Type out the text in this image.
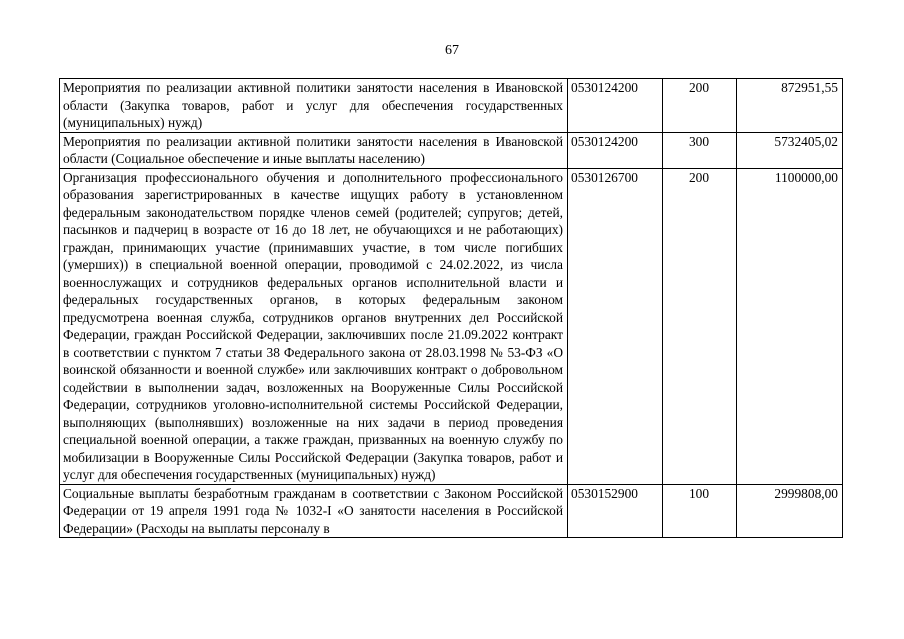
67
Мероприятия по реализации активной политики занятости населения в Ивановской области (Закупка товаров, работ и услуг для обеспечения государственных (муниципальных) нужд)	0530124200	200	872951,55
Мероприятия по реализации активной политики занятости населения в Ивановской области (Социальное обеспечение и иные выплаты населению)	0530124200	300	5732405,02
Организация профессионального обучения и дополнительного профессионального образования зарегистрированных в качестве ищущих работу в установленном федеральным законодательством порядке членов семей (родителей; супругов; детей, пасынков и падчериц в возрасте от 16 до 18 лет, не обучающихся и не работающих) граждан, принимающих участие (принимавших участие, в том числе погибших (умерших)) в специальной военной операции, проводимой с 24.02.2022, из числа военнослужащих и сотрудников федеральных органов исполнительной власти и федеральных государственных органов, в которых федеральным законом предусмотрена военная служба, сотрудников органов внутренних дел Российской Федерации, граждан Российской Федерации, заключивших после 21.09.2022 контракт в соответствии с пунктом 7 статьи 38 Федерального закона от 28.03.1998 № 53-ФЗ «О воинской обязанности и военной службе» или заключивших контракт о добровольном содействии в выполнении задач, возложенных на Вооруженные Силы Российской Федерации, сотрудников уголовно-исполнительной системы Российской Федерации, выполняющих (выполнявших) возложенные на них задачи в период проведения специальной военной операции, а также граждан, призванных на военную службу по мобилизации в Вооруженные Силы Российской Федерации (Закупка товаров, работ и услуг для обеспечения государственных (муниципальных) нужд)	0530126700	200	1100000,00
Социальные выплаты безработным гражданам в соответствии с Законом Российской Федерации от 19 апреля 1991 года № 1032-I «О занятости населения в Российской Федерации» (Расходы на выплаты персоналу в	0530152900	100	2999808,00
